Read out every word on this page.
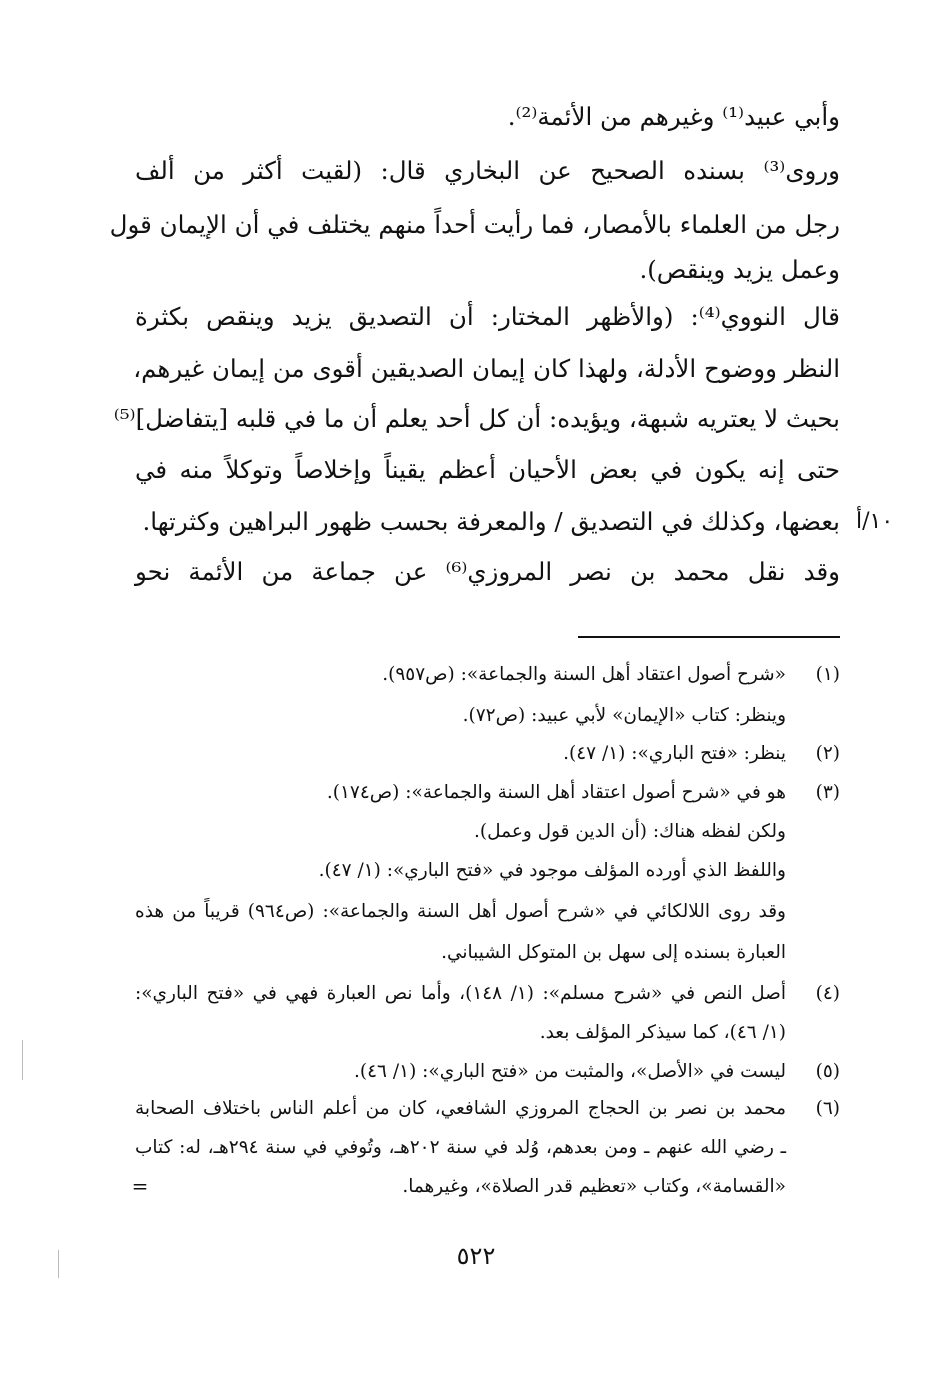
وأبي عبيد⁽¹⁾ وغيرهم من الأئمة⁽²⁾.
وروى⁽³⁾ بسنده الصحيح عن البخاري قال: (لقيت أكثر من ألف
رجل من العلماء بالأمصار، فما رأيت أحداً منهم يختلف في أن الإيمان قول
وعمل يزيد وينقص).
قال النووي⁽⁴⁾: (والأظهر المختار: أن التصديق يزيد وينقص بكثرة
النظر ووضوح الأدلة، ولهذا كان إيمان الصديقين أقوى من إيمان غيرهم،
بحيث لا يعتريه شبهة، ويؤيده: أن كل أحد يعلم أن ما في قلبه [يتفاضل]⁽⁵⁾
حتى إنه يكون في بعض الأحيان أعظم يقيناً وإخلاصاً وتوكلاً منه في
بعضها، وكذلك في التصديق / والمعرفة بحسب ظهور البراهين وكثرتها.
وقد نقل محمد بن نصر المروزي⁽⁶⁾ عن جماعة من الأئمة نحو
١٠/أ
(١)
«شرح أصول اعتقاد أهل السنة والجماعة»: (ص٩٥٧).
وينظر: كتاب «الإيمان» لأبي عبيد: (ص٧٢).
(٢)
ينظر: «فتح الباري»: (١/ ٤٧).
(٣)
هو في «شرح أصول اعتقاد أهل السنة والجماعة»: (ص١٧٤).
ولكن لفظه هناك: (أن الدين قول وعمل).
واللفظ الذي أورده المؤلف موجود في «فتح الباري»: (١/ ٤٧).
وقد روى اللالكائي في «شرح أصول أهل السنة والجماعة»: (ص٩٦٤) قريباً من هذه
العبارة بسنده إلى سهل بن المتوكل الشيباني.
(٤)
أصل النص في «شرح مسلم»: (١/ ١٤٨)، وأما نص العبارة فهي في «فتح الباري»:
(١/ ٤٦)، كما سيذكر المؤلف بعد.
(٥)
ليست في «الأصل»، والمثبت من «فتح الباري»: (١/ ٤٦).
(٦)
محمد بن نصر بن الحجاج المروزي الشافعي، كان من أعلم الناس باختلاف الصحابة
ـ رضي الله عنهم ـ ومن بعدهم، وُلد في سنة ٢٠٢هـ، وتُوفي في سنة ٢٩٤هـ، له: كتاب
«القسامة»، وكتاب «تعظيم قدر الصلاة»، وغيرهما.
=
٥٢٢
